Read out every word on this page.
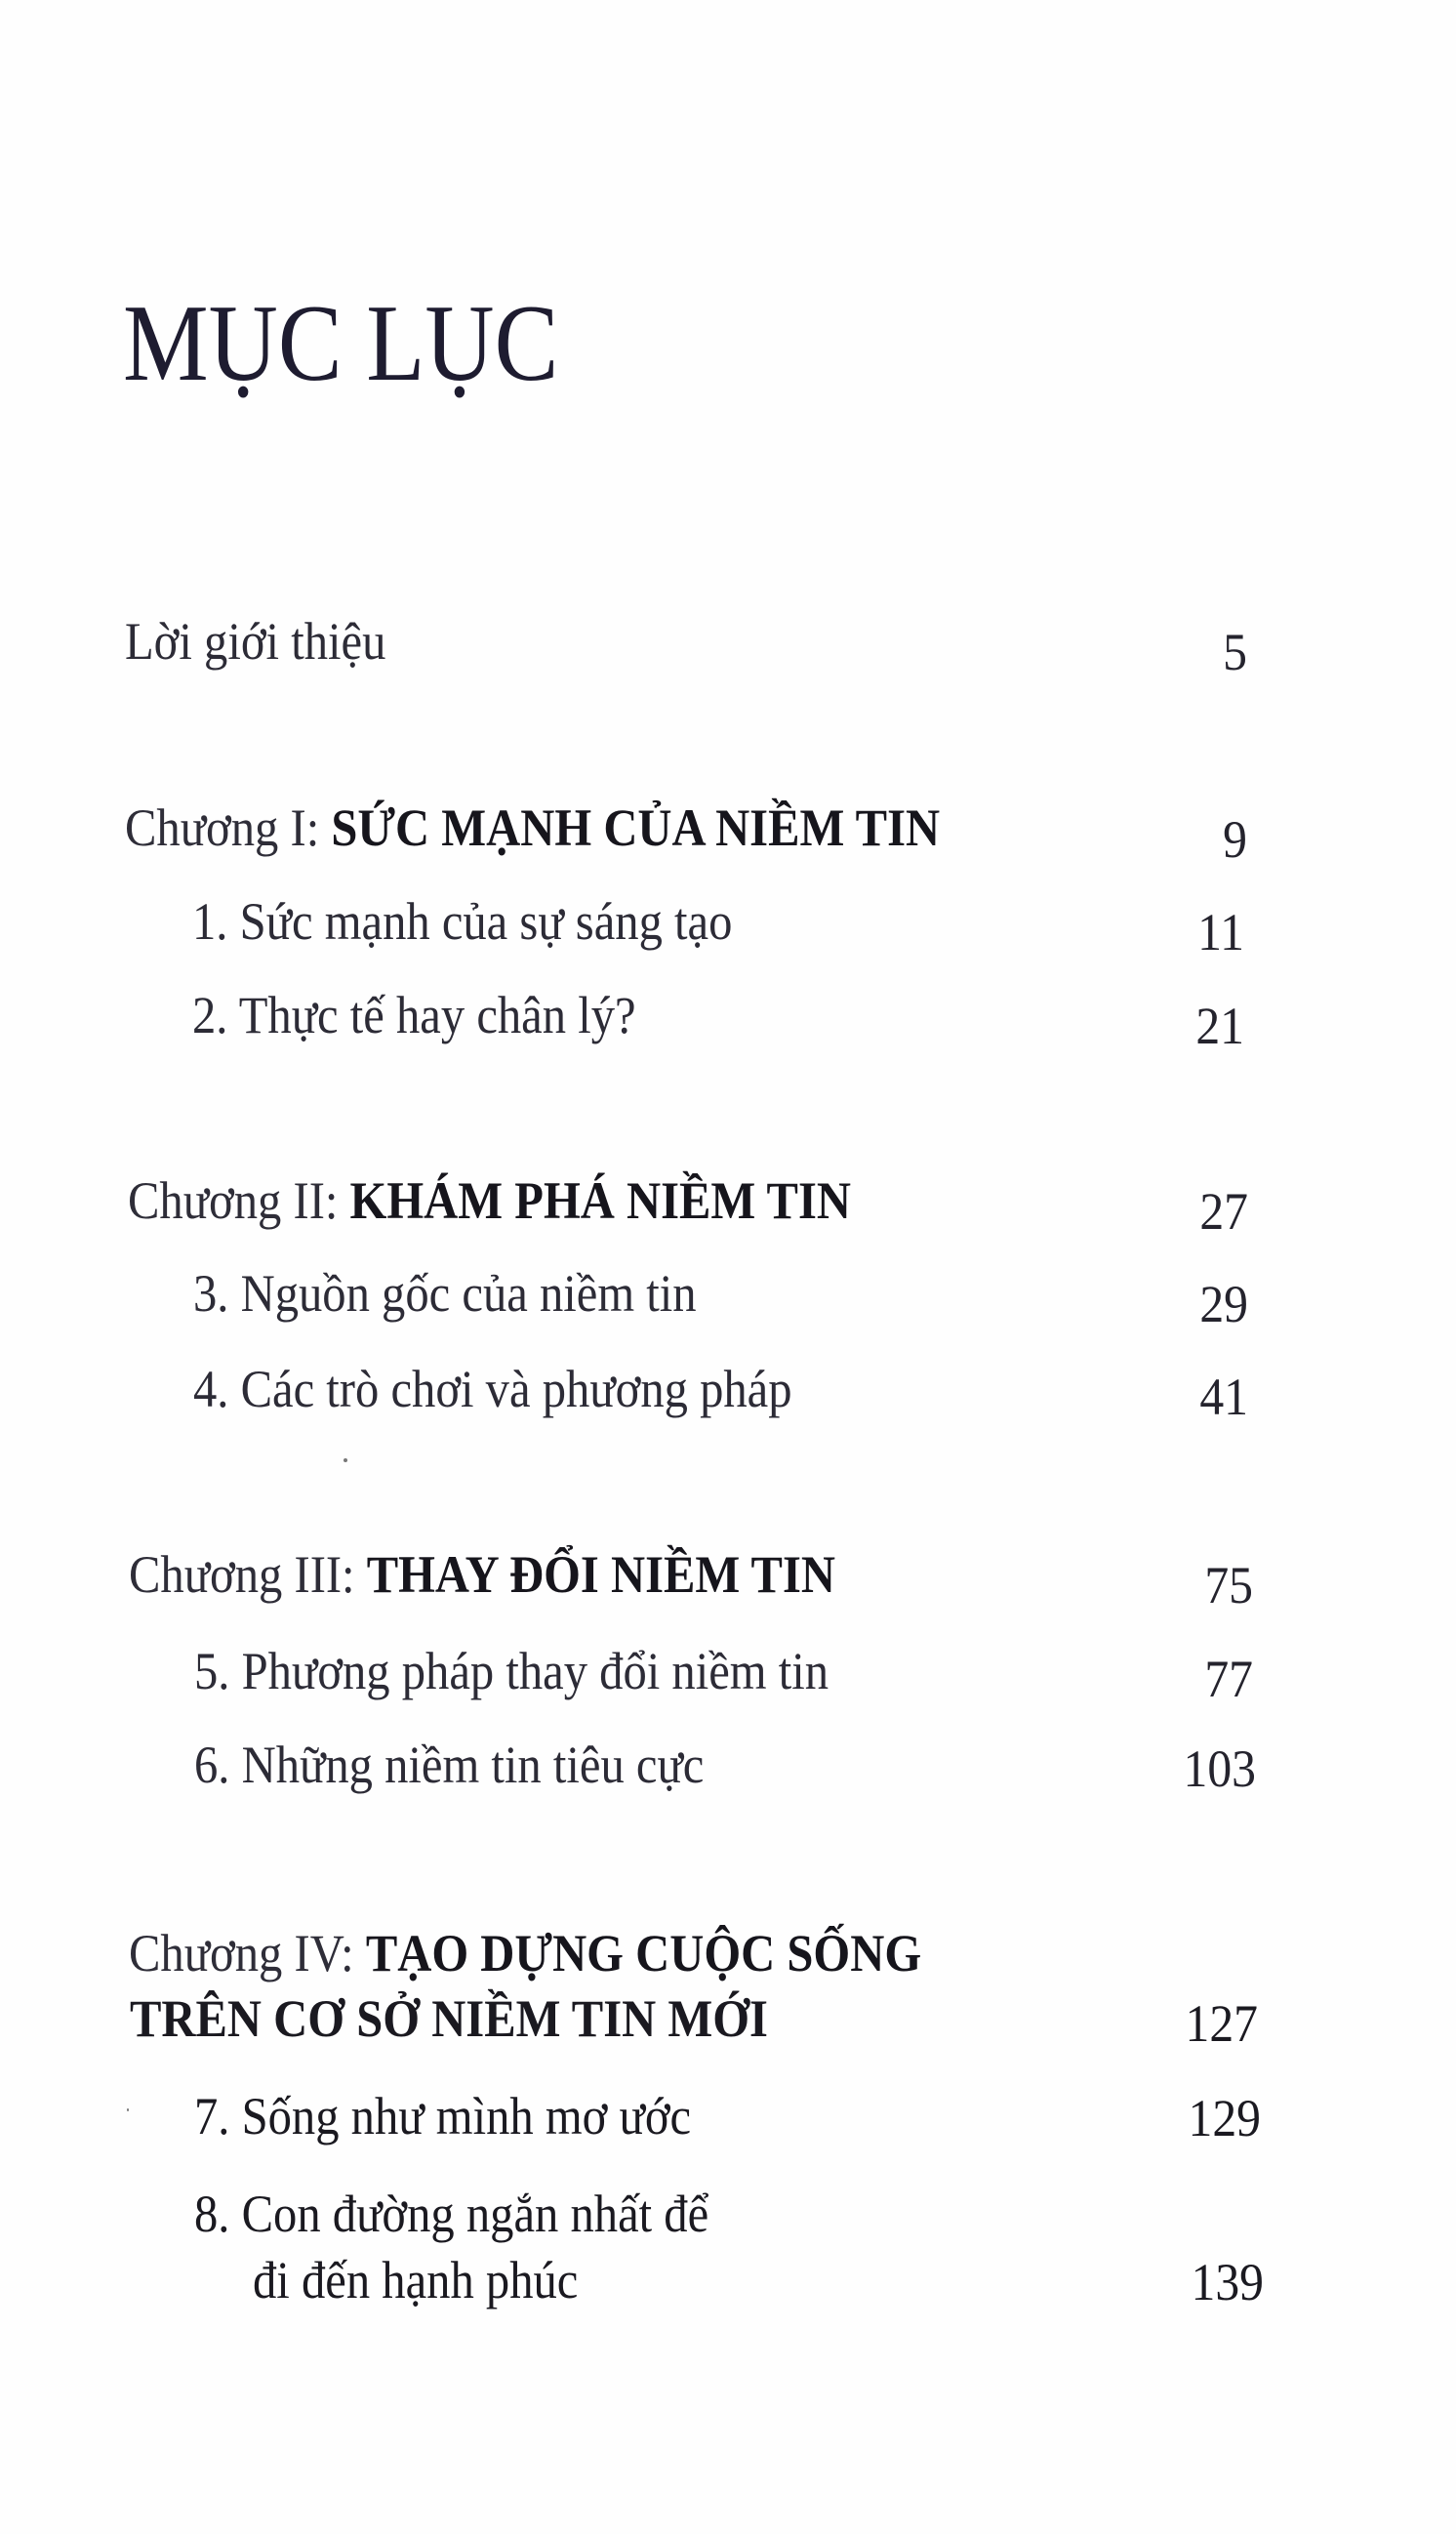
MỤC LỤC
Lời giới thiệu	5
Chương I: SỨC MẠNH CỦA NIỀM TIN	9
1. Sức mạnh của sự sáng tạo	11
2. Thực tế hay chân lý?	21
Chương II: KHÁM PHÁ NIỀM TIN	27
3. Nguồn gốc của niềm tin	29
4. Các trò chơi và phương pháp	41
Chương III: THAY ĐỔI NIỀM TIN	75
5. Phương pháp thay đổi niềm tin	77
6. Những niềm tin tiêu cực	103
Chương IV: TẠO DỰNG CUỘC SỐNG
TRÊN CƠ SỞ NIỀM TIN MỚI	127
7. Sống như mình mơ ước	129
8. Con đường ngắn nhất để
đi đến hạnh phúc	139
